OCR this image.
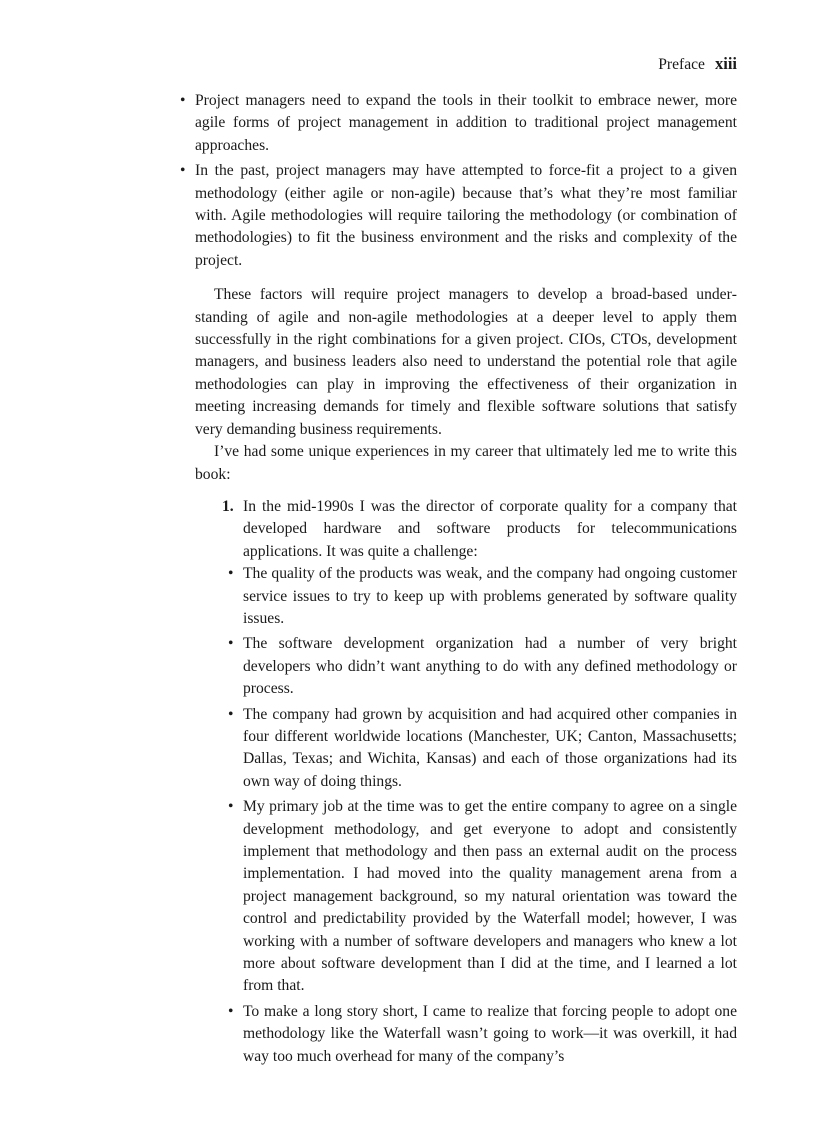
Preface xiii
• Project managers need to expand the tools in their toolkit to embrace newer, more agile forms of project management in addition to traditional project management approaches.
• In the past, project managers may have attempted to force-fit a project to a given methodology (either agile or non-agile) because that’s what they’re most familiar with. Agile methodologies will require tailoring the methodology (or combination of methodologies) to fit the business environment and the risks and complexity of the project.

These factors will require project managers to develop a broad-based understanding of agile and non-agile methodologies at a deeper level to apply them successfully in the right combinations for a given project. CIOs, CTOs, development managers, and business leaders also need to understand the potential role that agile methodologies can play in improving the effectiveness of their organization in meeting increasing demands for timely and flexible software solutions that satisfy very demanding business requirements.

I’ve had some unique experiences in my career that ultimately led me to write this book:

1. In the mid-1990s I was the director of corporate quality for a company that developed hardware and software products for telecommunications applications. It was quite a challenge:
• The quality of the products was weak, and the company had ongoing customer service issues to try to keep up with problems generated by software quality issues.
• The software development organization had a number of very bright developers who didn’t want anything to do with any defined methodology or process.
• The company had grown by acquisition and had acquired other companies in four different worldwide locations (Manchester, UK; Canton, Massachusetts; Dallas, Texas; and Wichita, Kansas) and each of those organizations had its own way of doing things.
• My primary job at the time was to get the entire company to agree on a single development methodology, and get everyone to adopt and consistently implement that methodology and then pass an external audit on the process implementation. I had moved into the quality management arena from a project management background, so my natural orientation was toward the control and predictability provided by the Waterfall model; however, I was working with a number of software developers and managers who knew a lot more about software development than I did at the time, and I learned a lot from that.
• To make a long story short, I came to realize that forcing people to adopt one methodology like the Waterfall wasn’t going to work—it was overkill, it had way too much overhead for many of the company’s
